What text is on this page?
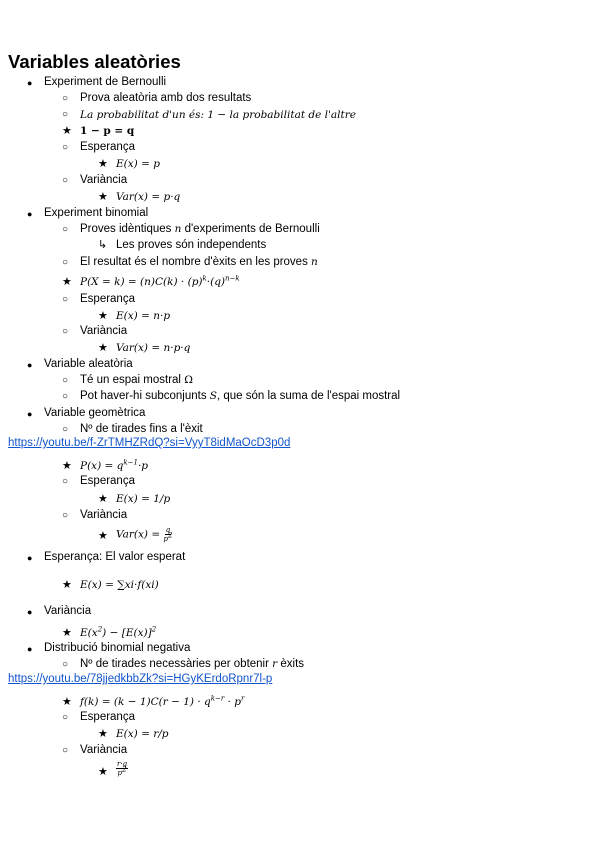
Variables aleatòries
● Experiment de Bernoulli
○ Prova aleatòria amb dos resultats
○ La probabilitat d'un és: 1 − la probabilitat de l'altre
★ 1 − p = q
○ Esperança
★ E(x) = p
○ Variància
★ Var(x) = p·q
● Experiment binomial
○ Proves idèntiques n d'experiments de Bernoulli
↳ Les proves són independents
○ El resultat és el nombre d'èxits en les proves n
★ $P(X = k) = (n)C(k) \cdot (p)^k\cdot(q)^{n-k}$
○ Esperança
★ E(x) = n·p
○ Variància
★ Var(x) = n·p·q
● Variable aleatòria
○ Té un espai mostral Ω
○ Pot haver-hi subconjunts S, que són la suma de l'espai mostral
● Variable geomètrica
○ Nº de tirades fins a l'èxit
https://youtu.be/f-ZrTMHZRdQ?si=VyyT8idMaOcD3p0d
★ $P(x) = q^{k-1}\cdot p$
○ Esperança
★ E(x) = 1/p
○ Variància
★ $Var(x) = \frac{q}{p^2}$
● Esperança: El valor esperat
★ E(x) = ∑xi·f(xi)
● Variància
★ $E(x^2) - [E(x)]^2$
● Distribució binomial negativa
○ Nº de tirades necessàries per obtenir r èxits
https://youtu.be/78jjedkbbZk?si=HGyKErdoRpnr7l-p
★ $f(k) = (k - 1)C(r - 1) \cdot q^{k-r} \cdot p^r$
○ Esperança
★ E(x) = r/p
○ Variància
★ $\frac{r\cdot q}{p^2}$
